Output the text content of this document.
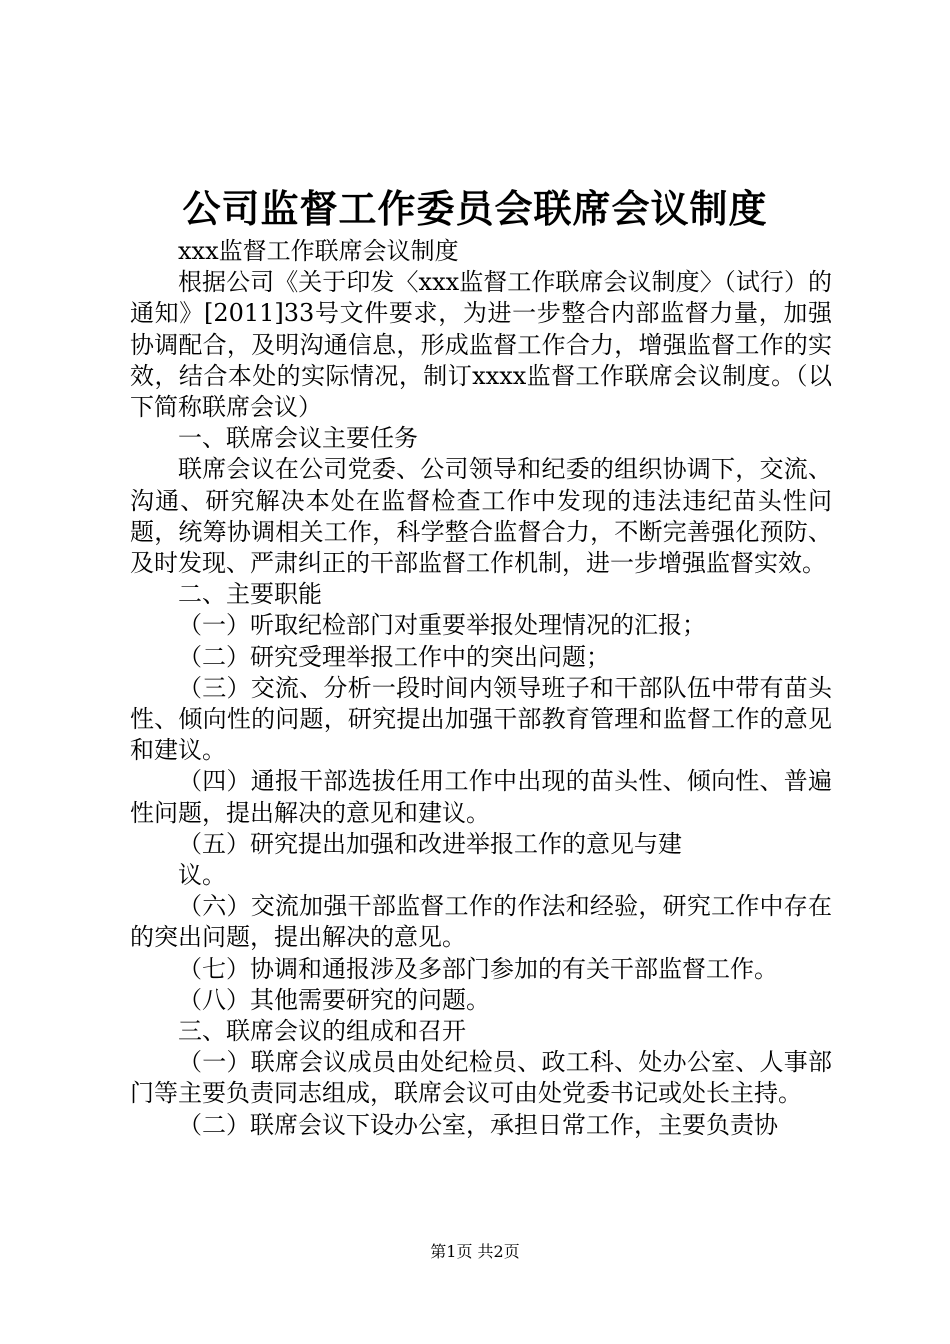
公司监督工作委员会联席会议制度

xxx监督工作联席会议制度

根据公司《关于印发〈xxx监督工作联席会议制度〉（试行）的通知》[2011]33号文件要求，为进一步整合内部监督力量，加强协调配合，及明沟通信息，形成监督工作合力，增强监督工作的实效，结合本处的实际情况，制订xxxx监督工作联席会议制度。（以下简称联席会议）

一、联席会议主要任务

联席会议在公司党委、公司领导和纪委的组织协调下，交流、沟通、研究解决本处在监督检查工作中发现的违法违纪苗头性问题，统筹协调相关工作，科学整合监督合力，不断完善强化预防、及时发现、严肃纠正的干部监督工作机制，进一步增强监督实效。

二、主要职能

（一）听取纪检部门对重要举报处理情况的汇报；

（二）研究受理举报工作中的突出问题；

（三）交流、分析一段时间内领导班子和干部队伍中带有苗头性、倾向性的问题，研究提出加强干部教育管理和监督工作的意见和建议。

（四）通报干部选拔任用工作中出现的苗头性、倾向性、普遍性问题，提出解决的意见和建议。

（五）研究提出加强和改进举报工作的意见与建

议。

（六）交流加强干部监督工作的作法和经验，研究工作中存在的突出问题，提出解决的意见。

（七）协调和通报涉及多部门参加的有关干部监督工作。

（八）其他需要研究的问题。

三、联席会议的组成和召开

（一）联席会议成员由处纪检员、政工科、处办公室、人事部门等主要负责同志组成，联席会议可由处党委书记或处长主持。

（二）联席会议下设办公室，承担日常工作，主要负责协

第1页 共2页
